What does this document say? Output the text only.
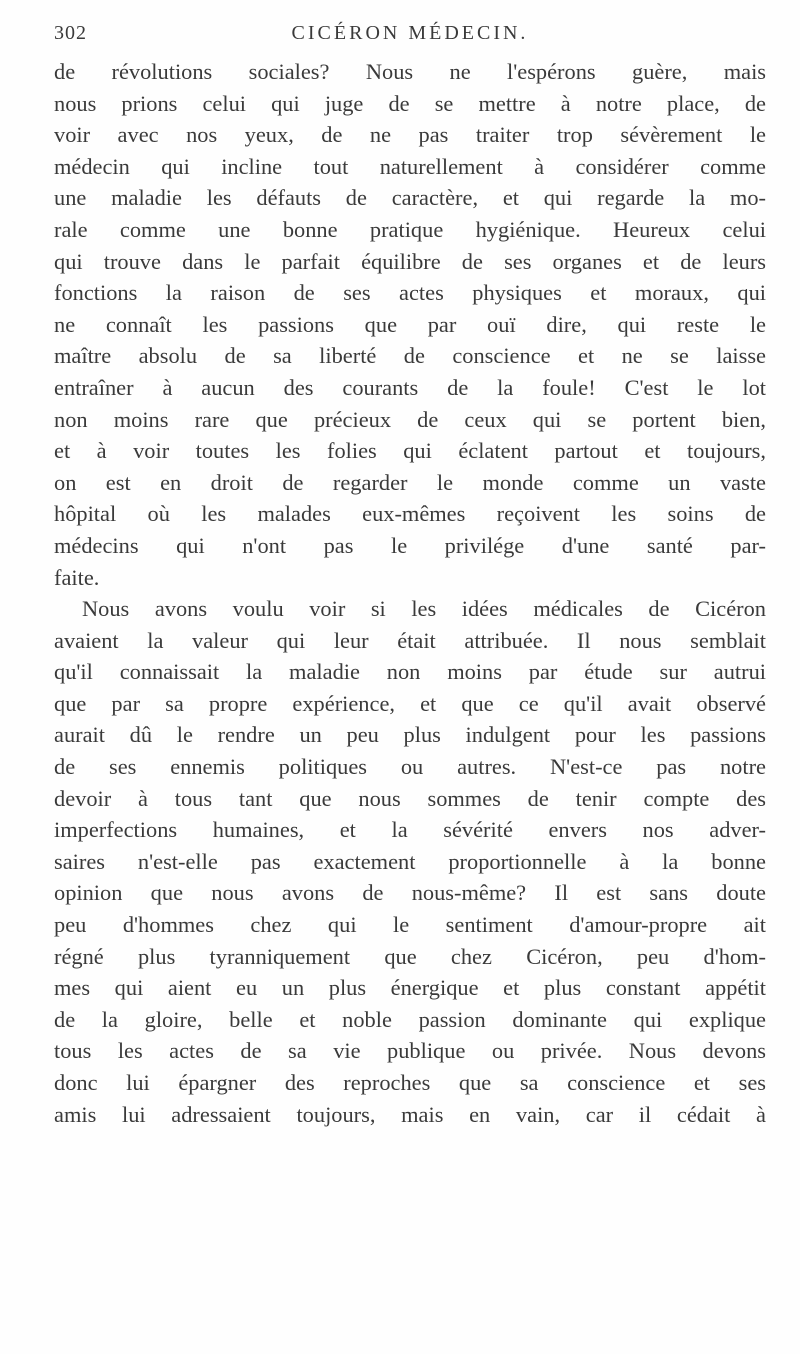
302	CICÉRON MÉDECIN.
de révolutions sociales? Nous ne l'espérons guère, mais
nous prions celui qui juge de se mettre à notre place, de
voir avec nos yeux, de ne pas traiter trop sévèrement le
médecin qui incline tout naturellement à considérer comme
une maladie les défauts de caractère, et qui regarde la mo-
rale comme une bonne pratique hygiénique. Heureux celui
qui trouve dans le parfait équilibre de ses organes et de leurs
fonctions la raison de ses actes physiques et moraux, qui
ne connaît les passions que par ouï dire, qui reste le
maître absolu de sa liberté de conscience et ne se laisse
entraîner à aucun des courants de la foule! C'est le lot
non moins rare que précieux de ceux qui se portent bien,
et à voir toutes les folies qui éclatent partout et toujours,
on est en droit de regarder le monde comme un vaste
hôpital où les malades eux-mêmes reçoivent les soins de
médecins qui n'ont pas le privilége d'une santé par-
faite.
Nous avons voulu voir si les idées médicales de Cicéron
avaient la valeur qui leur était attribuée. Il nous semblait
qu'il connaissait la maladie non moins par étude sur autrui
que par sa propre expérience, et que ce qu'il avait observé
aurait dû le rendre un peu plus indulgent pour les passions
de ses ennemis politiques ou autres. N'est-ce pas notre
devoir à tous tant que nous sommes de tenir compte des
imperfections humaines, et la sévérité envers nos adver-
saires n'est-elle pas exactement proportionnelle à la bonne
opinion que nous avons de nous-même? Il est sans doute
peu d'hommes chez qui le sentiment d'amour-propre ait
régné plus tyranniquement que chez Cicéron, peu d'hom-
mes qui aient eu un plus énergique et plus constant appétit
de la gloire, belle et noble passion dominante qui explique
tous les actes de sa vie publique ou privée. Nous devons
donc lui épargner des reproches que sa conscience et ses
amis lui adressaient toujours, mais en vain, car il cédait à
